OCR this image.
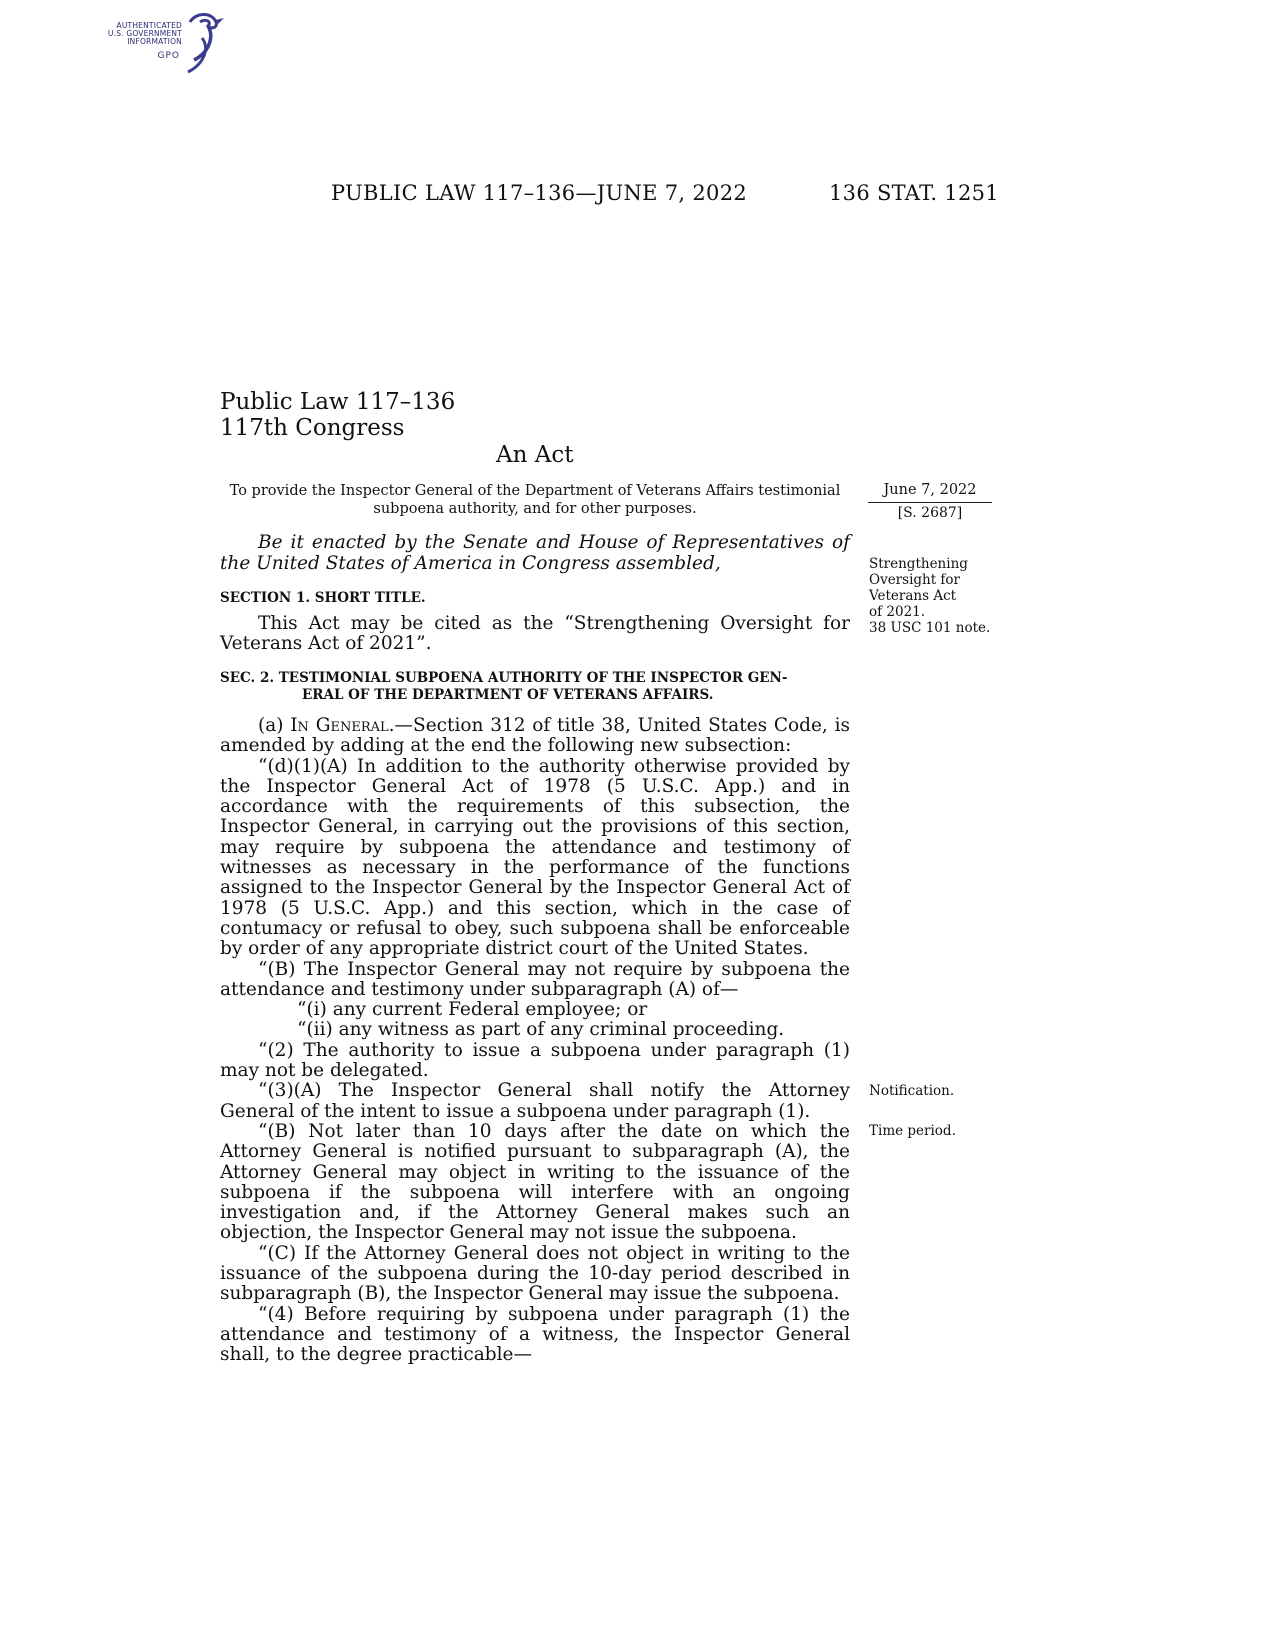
AUTHENTICATED
U.S. GOVERNMENT
INFORMATION
GPO
PUBLIC LAW 117–136—JUNE 7, 2022	136 STAT. 1251
Public Law 117–136
117th Congress
An Act
To provide the Inspector General of the Department of Veterans Affairs testimonial
subpoena authority, and for other purposes.
June 7, 2022
[S. 2687]
Be it enacted by the Senate and House of Representatives of
the United States of America in Congress assembled,	Strengthening
Oversight for
Veterans Act
of 2021.
38 USC 101 note.
SECTION 1. SHORT TITLE.

This Act may be cited as the “Strengthening Oversight for Veterans Act of 2021”.

SEC. 2. TESTIMONIAL SUBPOENA AUTHORITY OF THE INSPECTOR GEN-
ERAL OF THE DEPARTMENT OF VETERANS AFFAIRS.

(a) In General.—Section 312 of title 38, United States Code, is amended by adding at the end the following new subsection:

“(d)(1)(A) In addition to the authority otherwise provided by the Inspector General Act of 1978 (5 U.S.C. App.) and in accordance with the requirements of this subsection, the Inspector General, in carrying out the provisions of this section, may require by subpoena the attendance and testimony of witnesses as necessary in the performance of the functions assigned to the Inspector General by the Inspector General Act of 1978 (5 U.S.C. App.) and this section, which in the case of contumacy or refusal to obey, such subpoena shall be enforceable by order of any appropriate district court of the United States.

“(B) The Inspector General may not require by subpoena the attendance and testimony under subparagraph (A) of—

“(i) any current Federal employee; or

“(ii) any witness as part of any criminal proceeding.

“(2) The authority to issue a subpoena under paragraph (1) may not be delegated.

“(3)(A) The Inspector General shall notify the Attorney General of the intent to issue a subpoena under paragraph (1).

“(B) Not later than 10 days after the date on which the Attorney General is notified pursuant to subparagraph (A), the Attorney General may object in writing to the issuance of the subpoena if the subpoena will interfere with an ongoing investigation and, if the Attorney General makes such an objection, the Inspector General may not issue the subpoena.

“(C) If the Attorney General does not object in writing to the issuance of the subpoena during the 10-day period described in subparagraph (B), the Inspector General may issue the subpoena.

“(4) Before requiring by subpoena under paragraph (1) the attendance and testimony of a witness, the Inspector General shall, to the degree practicable—

Notification.
Time period.
